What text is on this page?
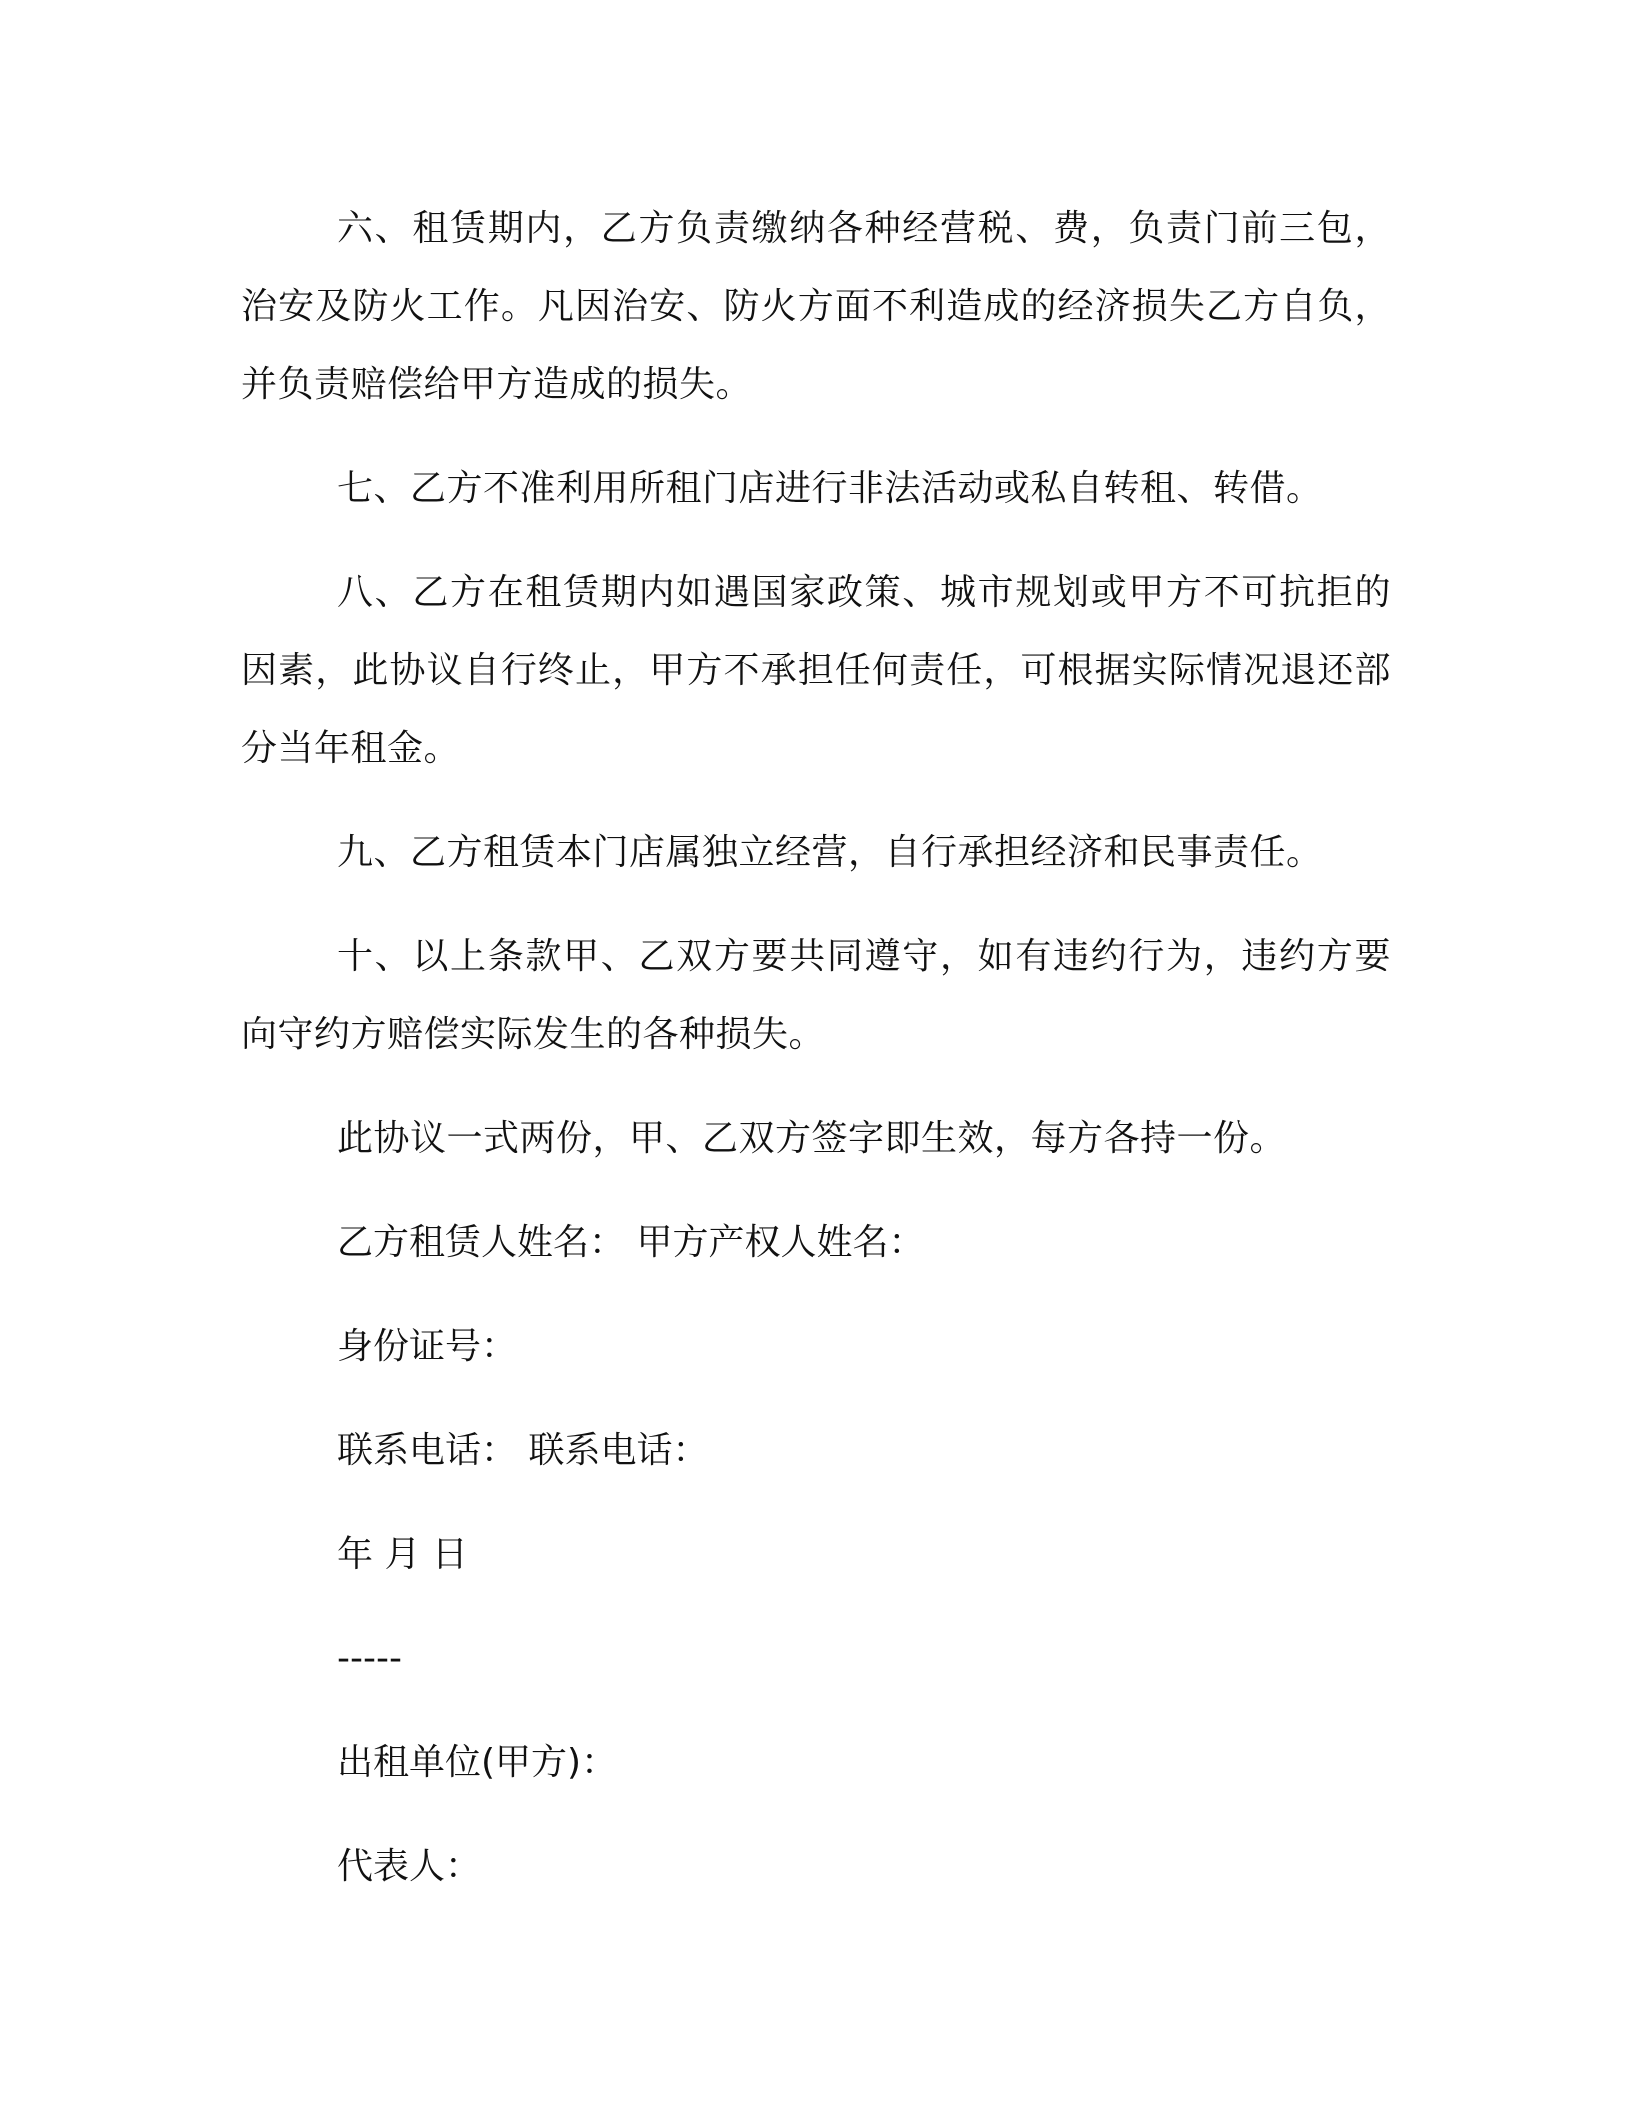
六、租赁期内，乙方负责缴纳各种经营税、费，负责门前三包，治安及防火工作。凡因治安、防火方面不利造成的经济损失乙方自负，并负责赔偿给甲方造成的损失。

七、乙方不准利用所租门店进行非法活动或私自转租、转借。

八、乙方在租赁期内如遇国家政策、城市规划或甲方不可抗拒的因素，此协议自行终止，甲方不承担任何责任，可根据实际情况退还部分当年租金。

九、乙方租赁本门店属独立经营，自行承担经济和民事责任。

十、以上条款甲、乙双方要共同遵守，如有违约行为，违约方要向守约方赔偿实际发生的各种损失。

此协议一式两份，甲、乙双方签字即生效，每方各持一份。

乙方租赁人姓名： 甲方产权人姓名：

身份证号：

联系电话： 联系电话：

年 月 日

-----

出租单位(甲方)：

代表人：
